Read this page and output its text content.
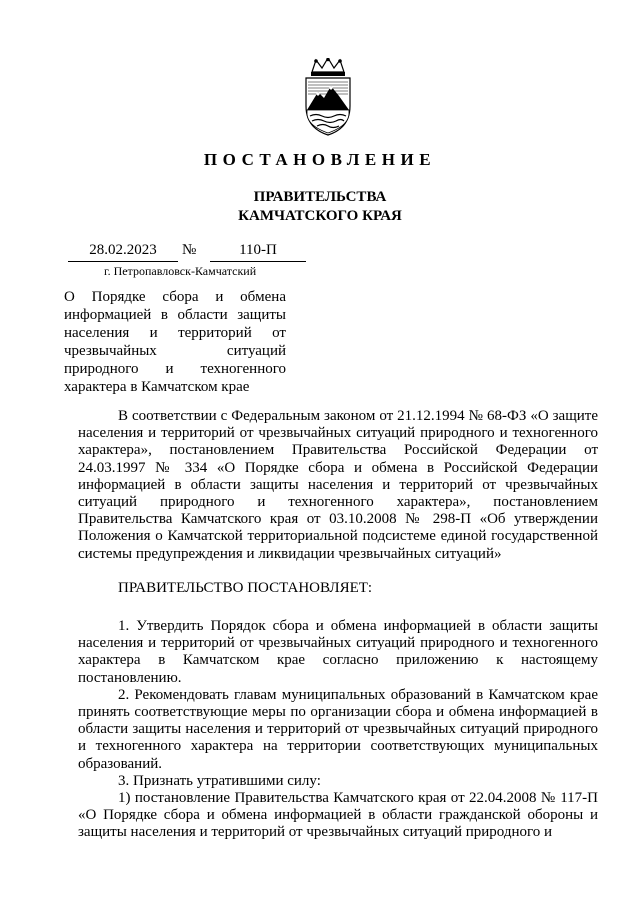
ПОСТАНОВЛЕНИЕ
ПРАВИТЕЛЬСТВА
КАМЧАТСКОГО КРАЯ
28.02.2023	№	110-П
г. Петропавловск-Камчатский
О Порядке сбора и обмена информацией в области защиты населения и территорий от чрезвычайных ситуаций природного и техногенного характера в Камчатском крае

В соответствии с Федеральным законом от 21.12.1994 № 68-ФЗ «О защите населения и территорий от чрезвычайных ситуаций природного и техногенного характера», постановлением Правительства Российской Федерации от 24.03.1997 № 334 «О Порядке сбора и обмена в Российской Федерации информацией в области защиты населения и территорий от чрезвычайных ситуаций природного и техногенного характера», постановлением Правительства Камчатского края от 03.10.2008 № 298-П «Об утверждении Положения о Камчатской территориальной подсистеме единой государственной системы предупреждения и ликвидации чрезвычайных ситуаций»

ПРАВИТЕЛЬСТВО ПОСТАНОВЛЯЕТ:

1. Утвердить Порядок сбора и обмена информацией в области защиты населения и территорий от чрезвычайных ситуаций природного и техногенного характера в Камчатском крае согласно приложению к настоящему постановлению.

2. Рекомендовать главам муниципальных образований в Камчатском крае принять соответствующие меры по организации сбора и обмена информацией в области защиты населения и территорий от чрезвычайных ситуаций природного и техногенного характера на территории соответствующих муниципальных образований.

3. Признать утратившими силу:

1) постановление Правительства Камчатского края от 22.04.2008 № 117-П «О Порядке сбора и обмена информацией в области гражданской обороны и защиты населения и территорий от чрезвычайных ситуаций природного и
